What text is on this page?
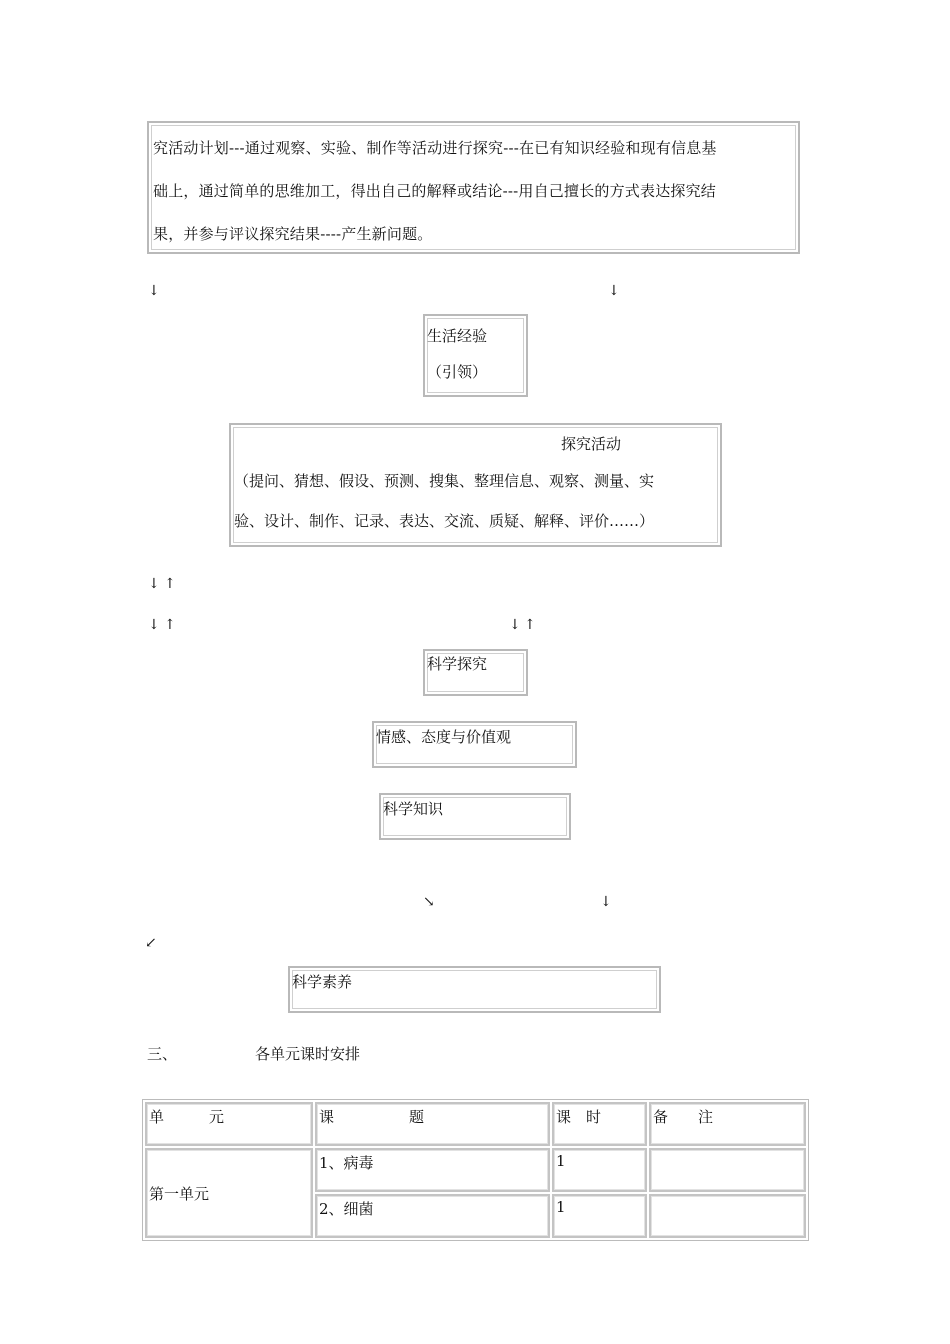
究活动计划---通过观察、实验、制作等活动进行探究---在已有知识经验和现有信息基

础上，通过简单的思维加工，得出自己的解释或结论---用自己擅长的方式表达探究结

果，并参与评议探究结果----产生新问题。

↓	↓
生活经验
（引领）
探究活动
（提问、猜想、假设、预测、搜集、整理信息、观察、测量、实
验、设计、制作、记录、表达、交流、质疑、解释、评价……）
↓ ↑
↓ ↑	↓ ↑
科学探究
情感、态度与价值观
科学知识
↘	↓
↙
科学素养
三、	各单元课时安排
单　　　元	课　　　　　题	课　时	备　　注
第一单元	1、病毒	1	
	2、细菌	1	
